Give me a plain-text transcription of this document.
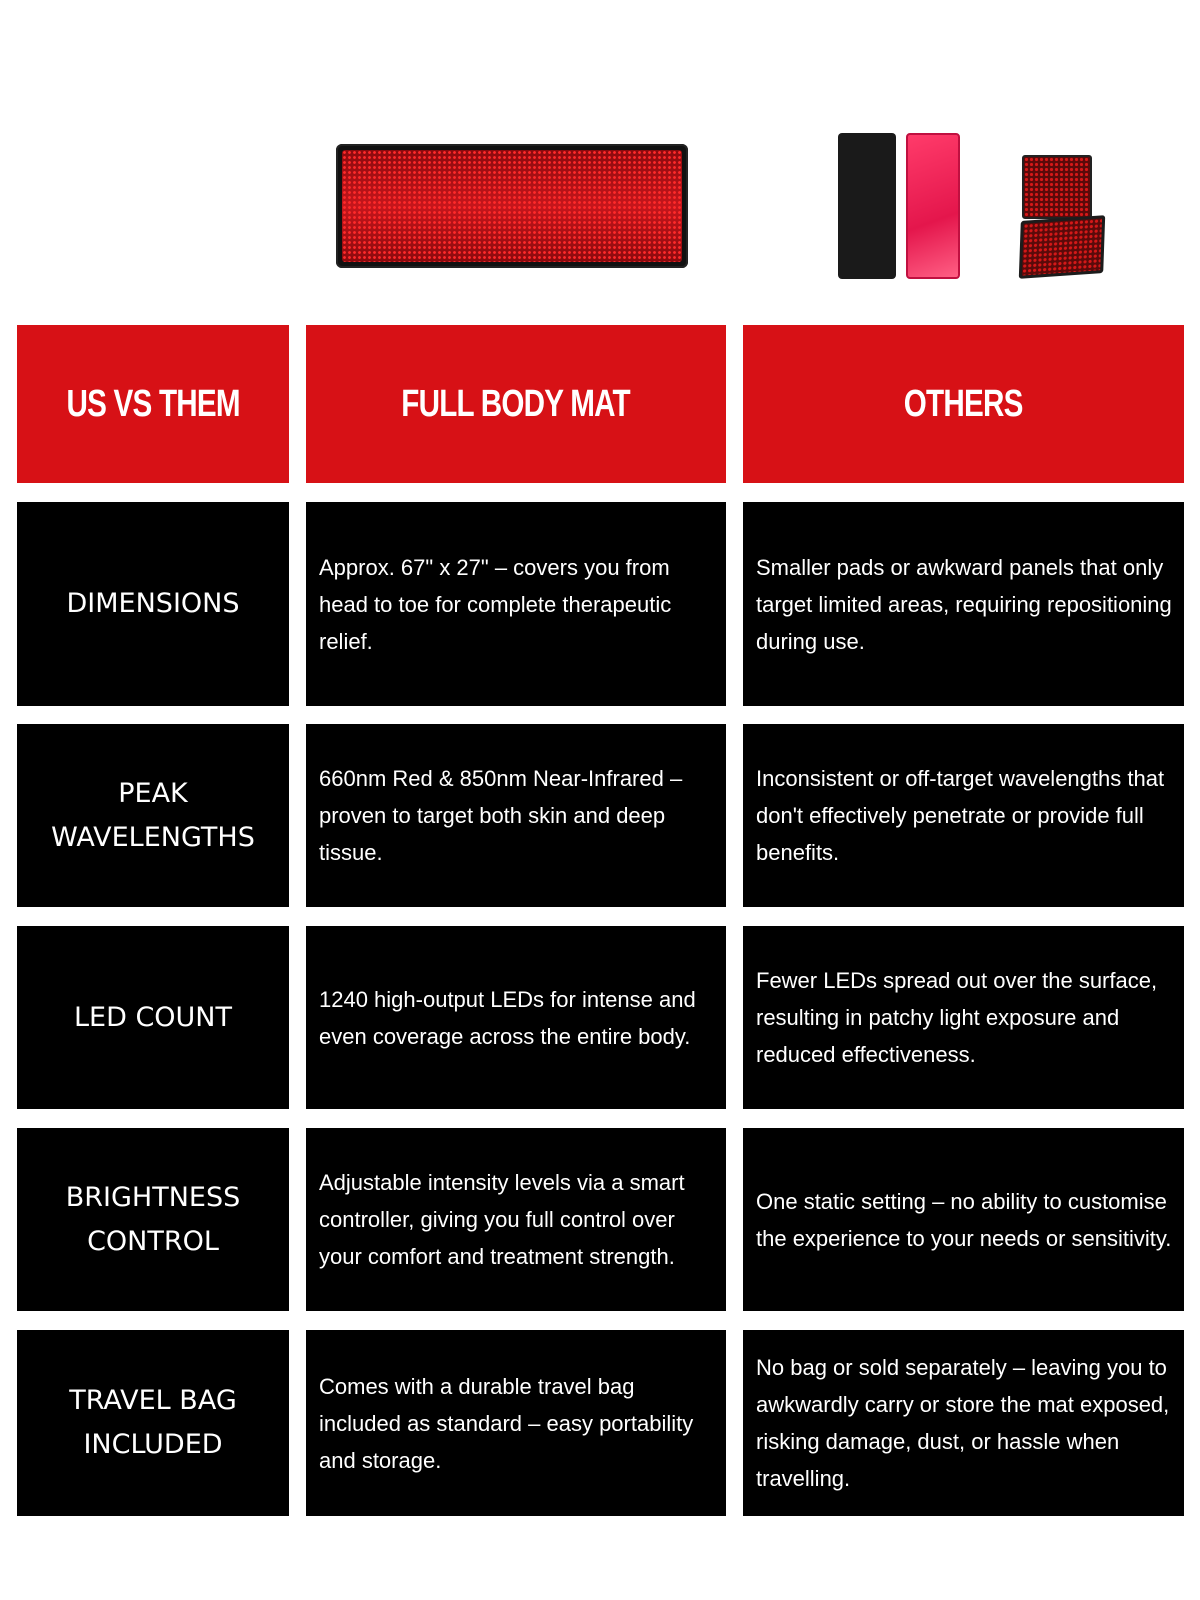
US VS THEM	FULL BODY MAT	OTHERS
DIMENSIONS
Approx. 67" x 27" – covers you from head to toe for complete therapeutic relief.
Smaller pads or awkward panels that only target limited areas, requiring repositioning during use.
PEAK WAVELENGTHS
660nm Red & 850nm Near-Infrared – proven to target both skin and deep tissue.
Inconsistent or off-target wavelengths that don't effectively penetrate or provide full benefits.
LED COUNT
1240 high-output LEDs for intense and even coverage across the entire body.
Fewer LEDs spread out over the surface, resulting in patchy light exposure and reduced effectiveness.
BRIGHTNESS CONTROL
Adjustable intensity levels via a smart controller, giving you full control over your comfort and treatment strength.
One static setting – no ability to customise the experience to your needs or sensitivity.
TRAVEL BAG INCLUDED
Comes with a durable travel bag included as standard – easy portability and storage.
No bag or sold separately – leaving you to awkwardly carry or store the mat exposed, risking damage, dust, or hassle when travelling.
